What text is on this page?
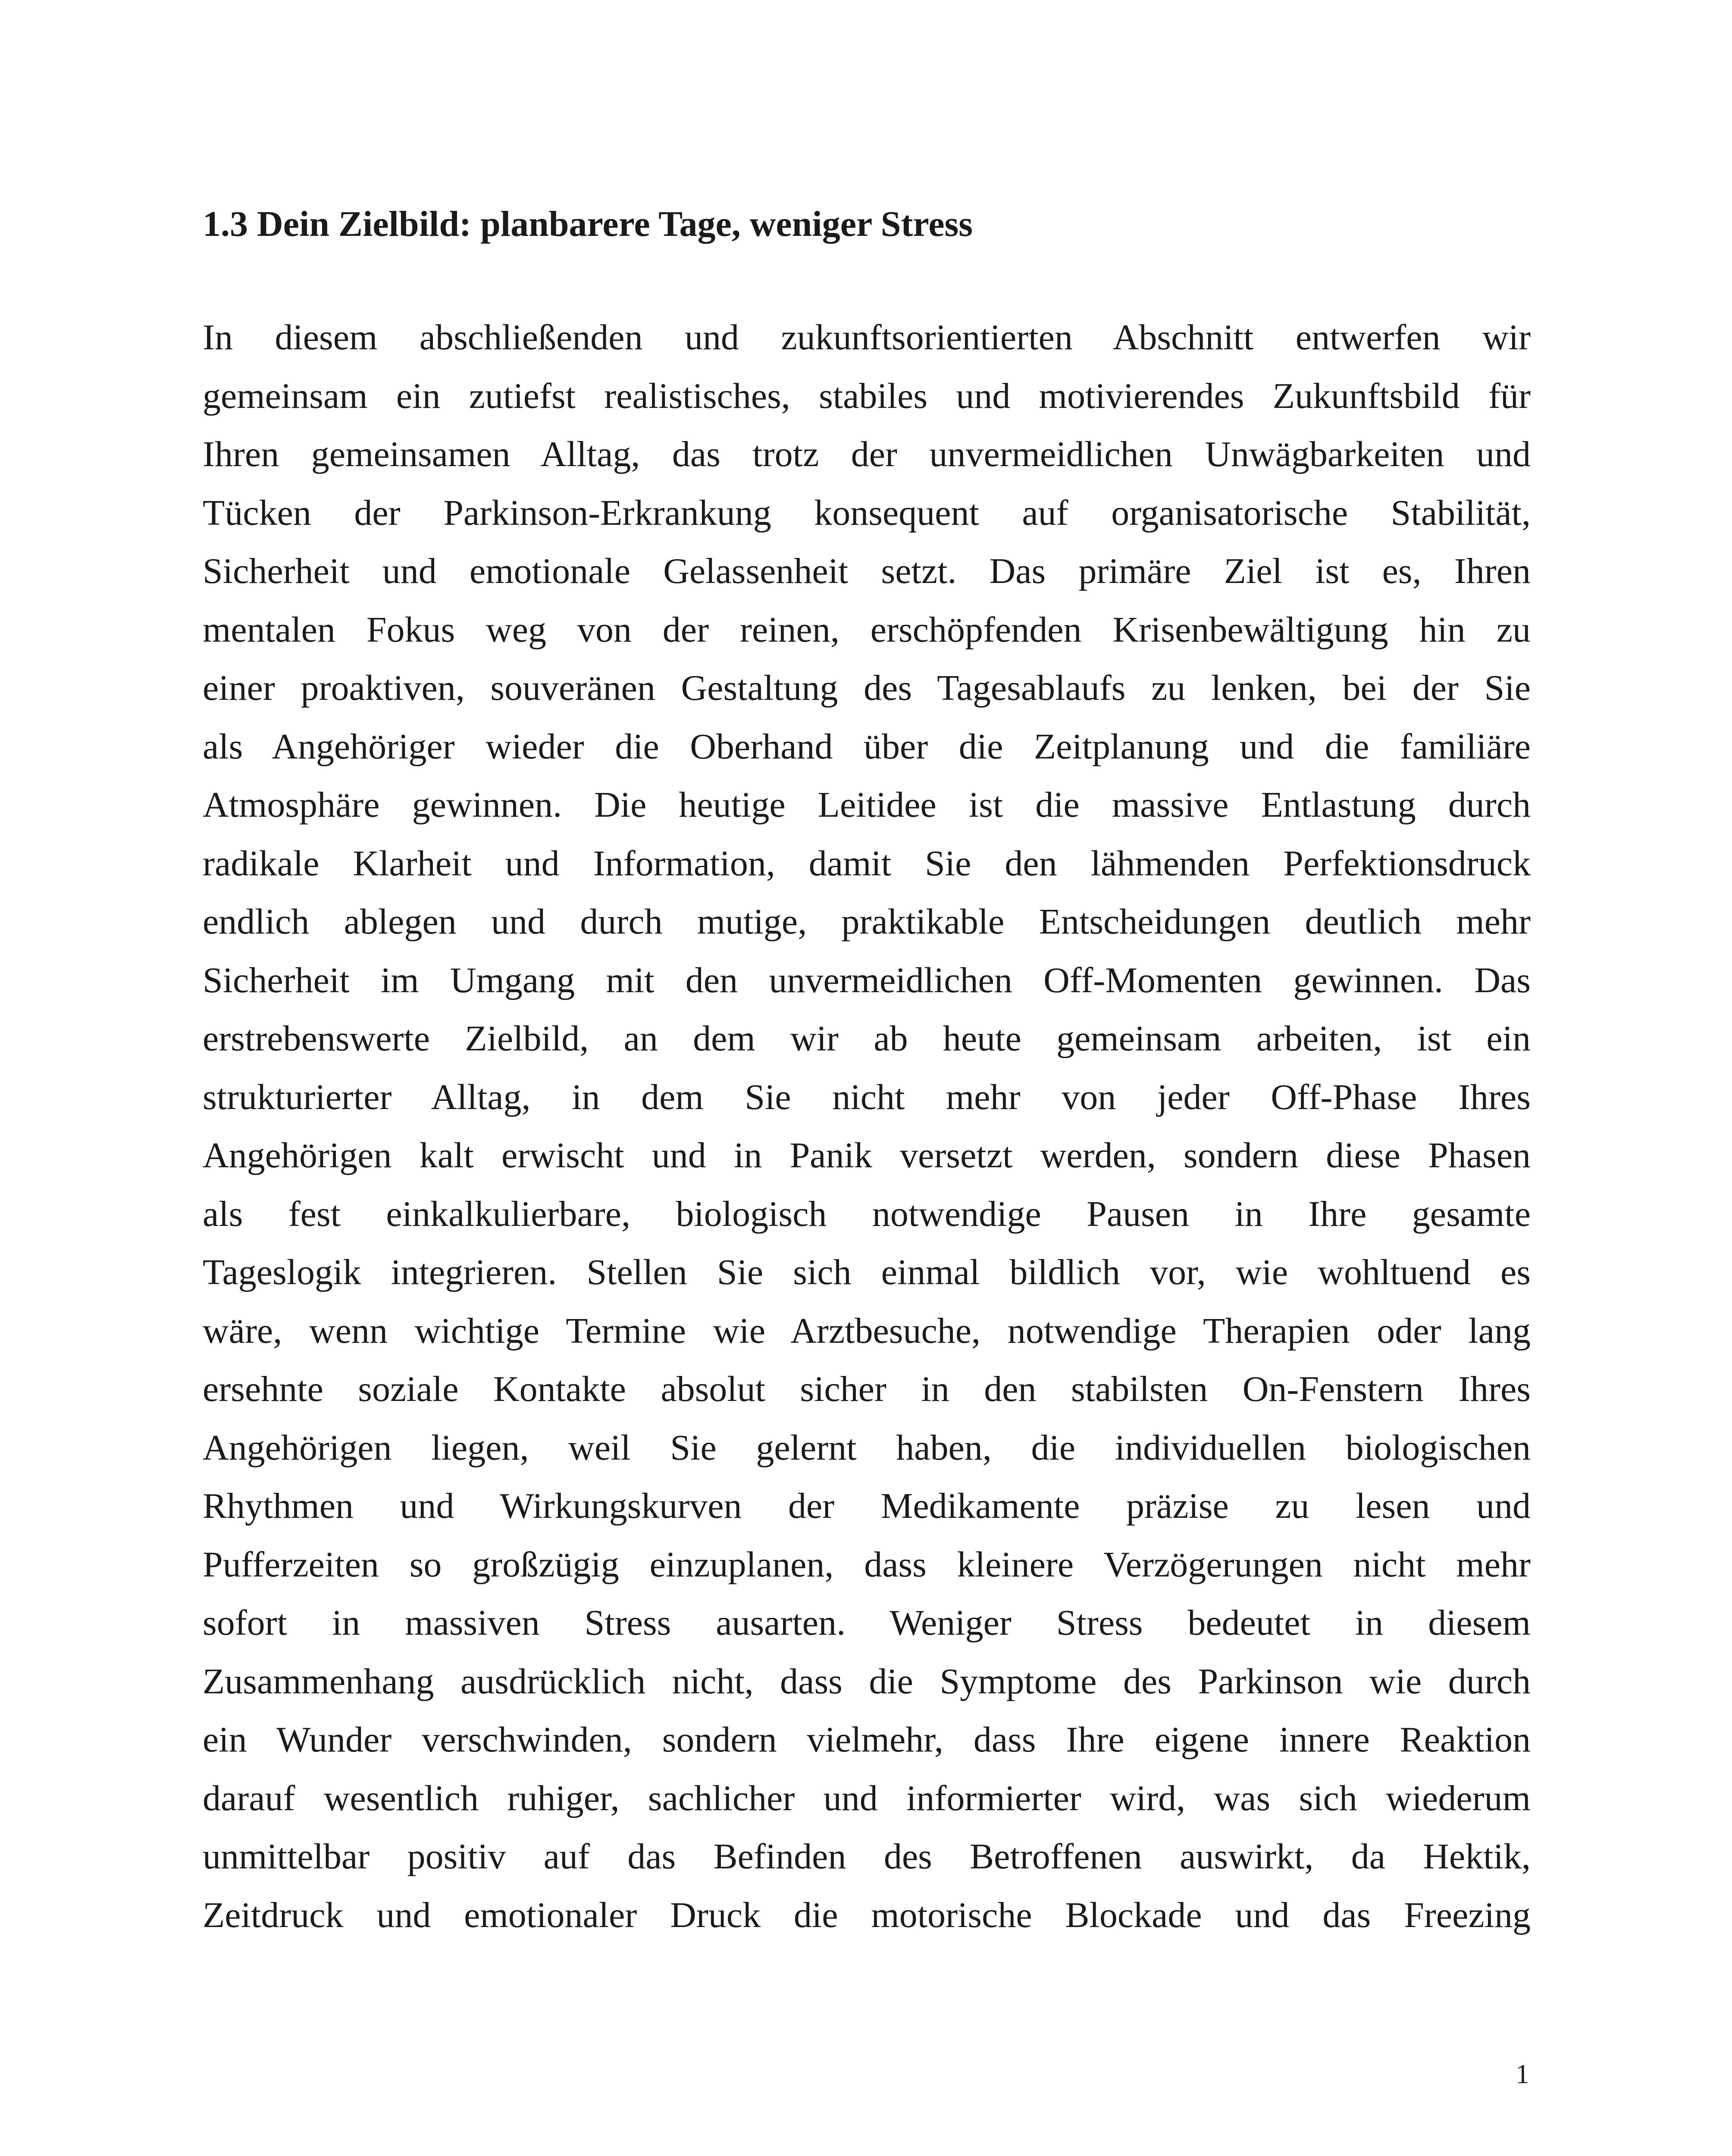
1.3 Dein Zielbild: planbarere Tage, weniger Stress
In diesem abschließenden und zukunftsorientierten Abschnitt entwerfen wir
gemeinsam ein zutiefst realistisches, stabiles und motivierendes Zukunftsbild für
Ihren gemeinsamen Alltag, das trotz der unvermeidlichen Unwägbarkeiten und
Tücken der Parkinson-Erkrankung konsequent auf organisatorische Stabilität,
Sicherheit und emotionale Gelassenheit setzt. Das primäre Ziel ist es, Ihren
mentalen Fokus weg von der reinen, erschöpfenden Krisenbewältigung hin zu
einer proaktiven, souveränen Gestaltung des Tagesablaufs zu lenken, bei der Sie
als Angehöriger wieder die Oberhand über die Zeitplanung und die familiäre
Atmosphäre gewinnen. Die heutige Leitidee ist die massive Entlastung durch
radikale Klarheit und Information, damit Sie den lähmenden Perfektionsdruck
endlich ablegen und durch mutige, praktikable Entscheidungen deutlich mehr
Sicherheit im Umgang mit den unvermeidlichen Off-Momenten gewinnen. Das
erstrebenswerte Zielbild, an dem wir ab heute gemeinsam arbeiten, ist ein
strukturierter Alltag, in dem Sie nicht mehr von jeder Off-Phase Ihres
Angehörigen kalt erwischt und in Panik versetzt werden, sondern diese Phasen
als fest einkalkulierbare, biologisch notwendige Pausen in Ihre gesamte
Tageslogik integrieren. Stellen Sie sich einmal bildlich vor, wie wohltuend es
wäre, wenn wichtige Termine wie Arztbesuche, notwendige Therapien oder lang
ersehnte soziale Kontakte absolut sicher in den stabilsten On-Fenstern Ihres
Angehörigen liegen, weil Sie gelernt haben, die individuellen biologischen
Rhythmen und Wirkungskurven der Medikamente präzise zu lesen und
Pufferzeiten so großzügig einzuplanen, dass kleinere Verzögerungen nicht mehr
sofort in massiven Stress ausarten. Weniger Stress bedeutet in diesem
Zusammenhang ausdrücklich nicht, dass die Symptome des Parkinson wie durch
ein Wunder verschwinden, sondern vielmehr, dass Ihre eigene innere Reaktion
darauf wesentlich ruhiger, sachlicher und informierter wird, was sich wiederum
unmittelbar positiv auf das Befinden des Betroffenen auswirkt, da Hektik,
Zeitdruck und emotionaler Druck die motorische Blockade und das Freezing
1
